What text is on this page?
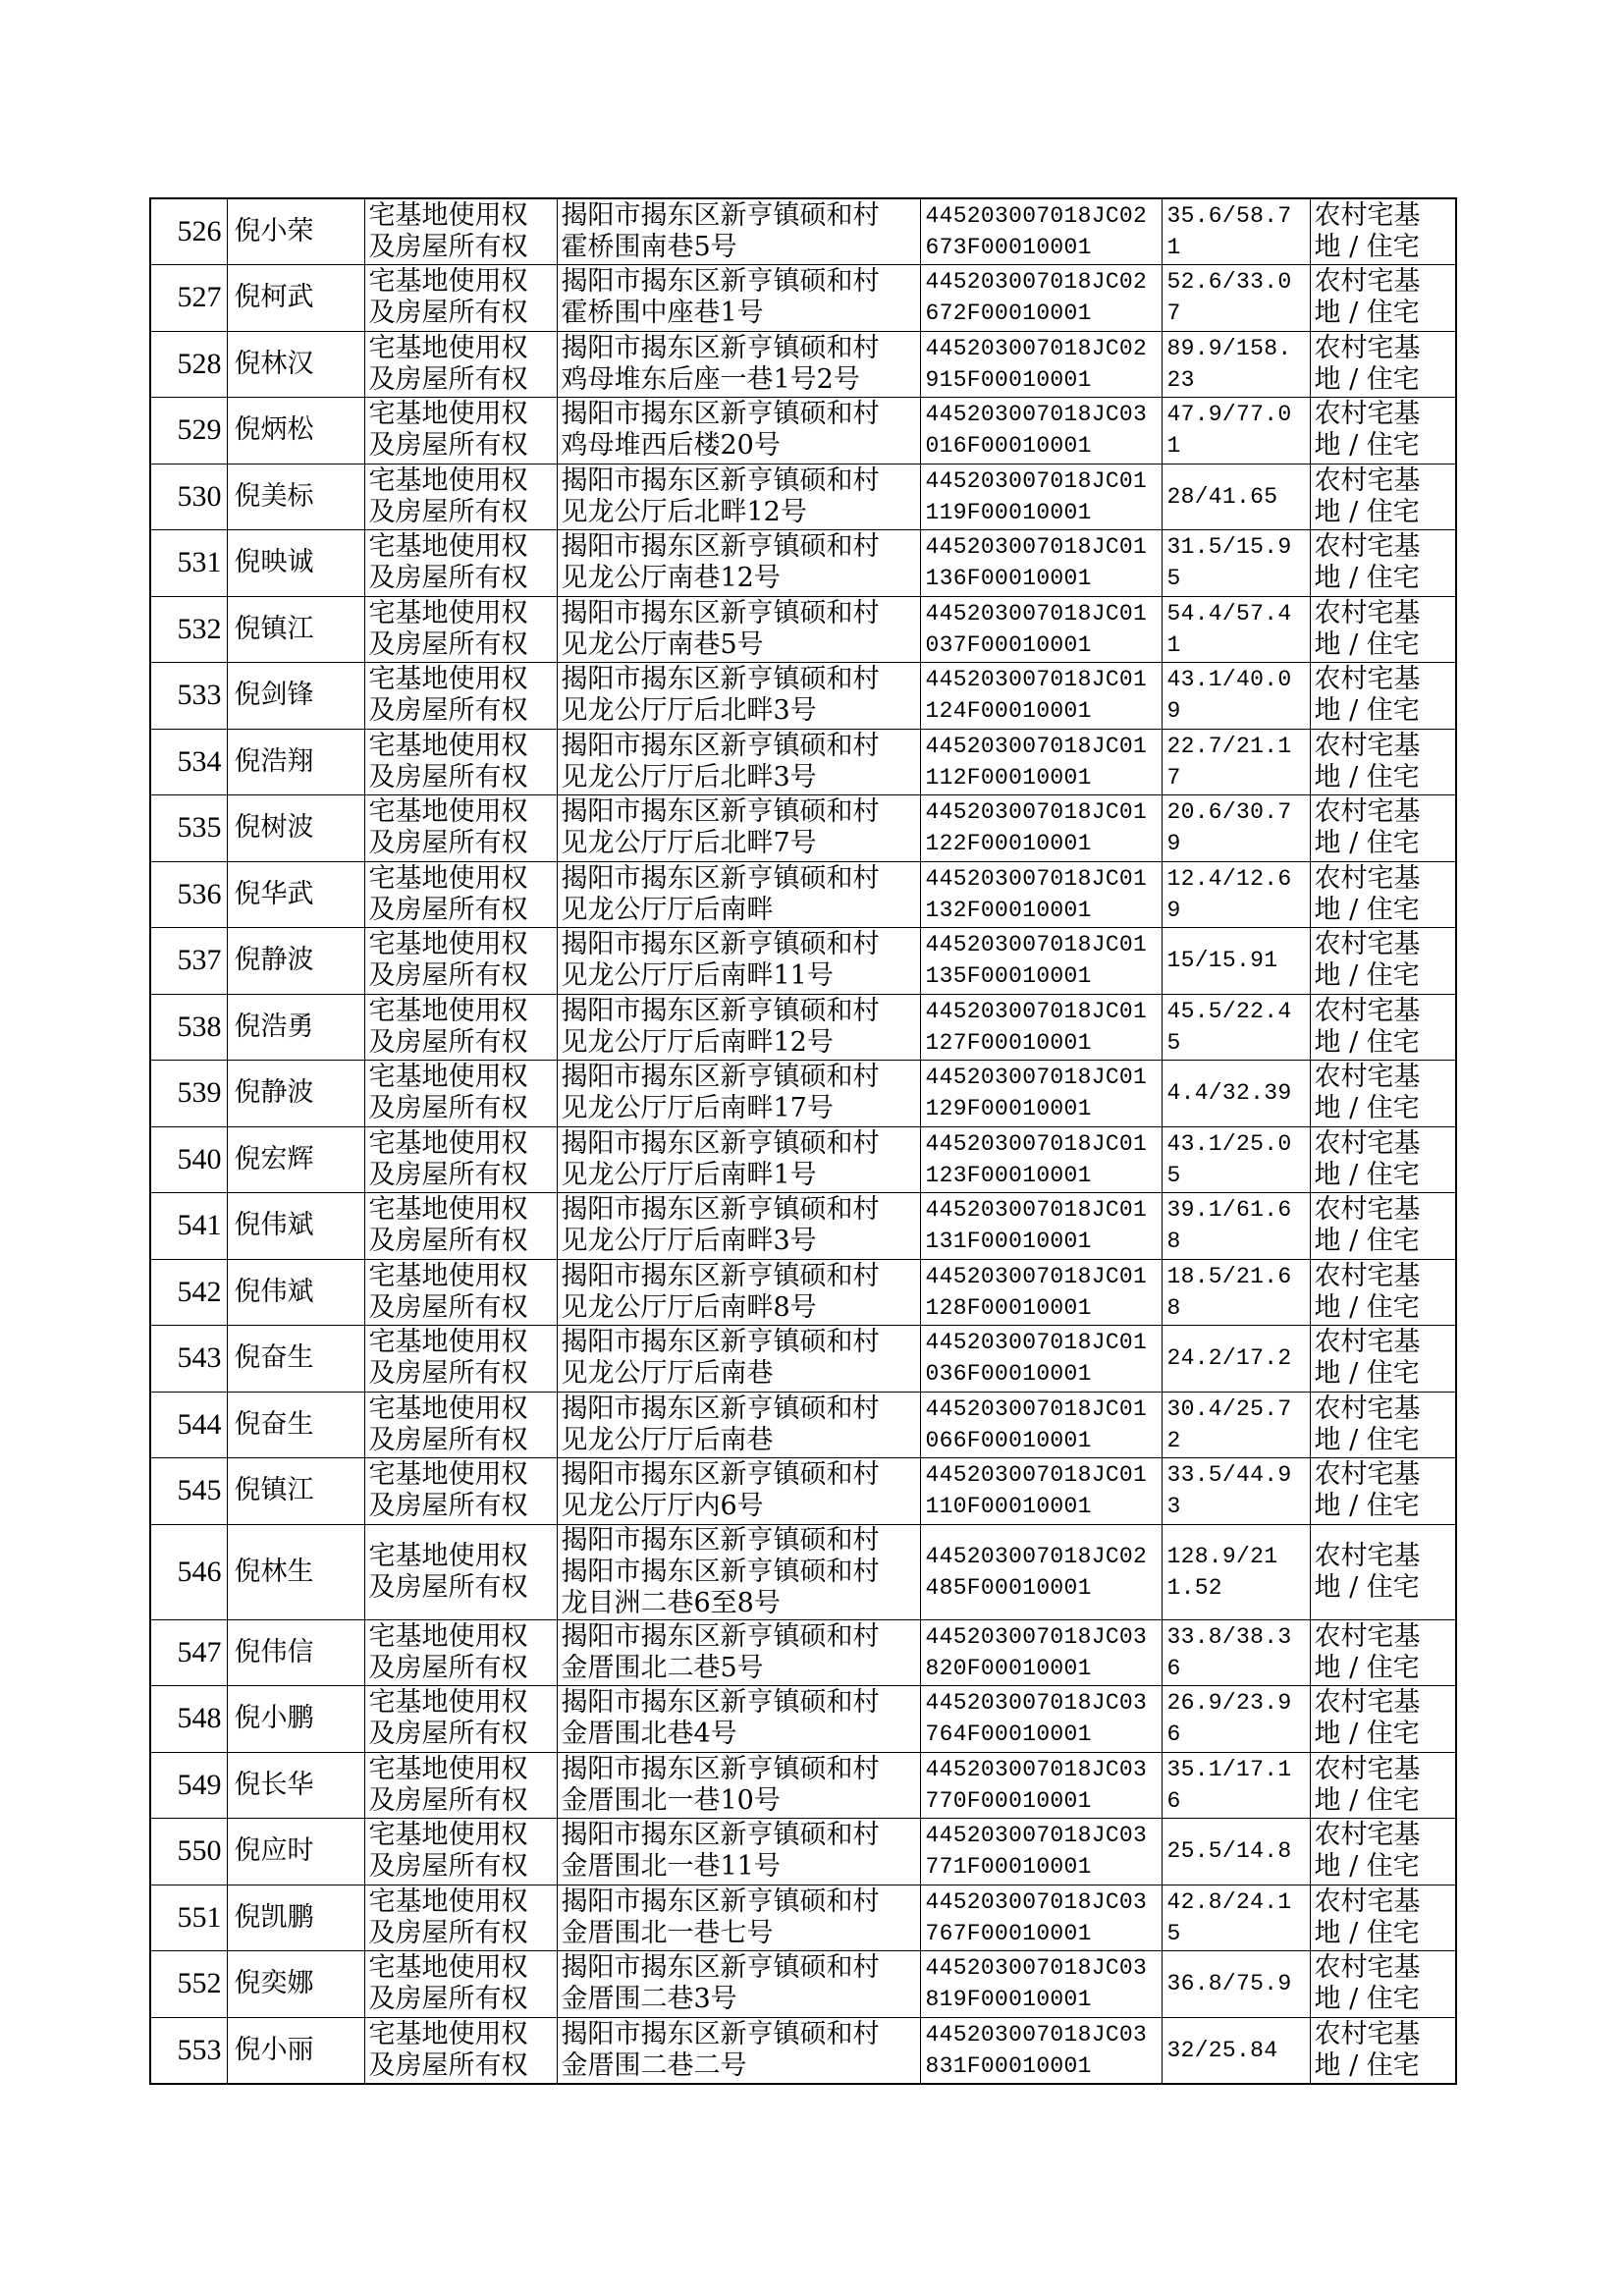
526	倪小荣	宅基地使用权及房屋所有权	揭阳市揭东区新亨镇硕和村霍桥围南巷5号	445203007018JC02673F00010001	35.6/58.71	农村宅基地 / 住宅
527	倪柯武	宅基地使用权及房屋所有权	揭阳市揭东区新亨镇硕和村霍桥围中座巷1号	445203007018JC02672F00010001	52.6/33.07	农村宅基地 / 住宅
528	倪林汉	宅基地使用权及房屋所有权	揭阳市揭东区新亨镇硕和村鸡母堆东后座一巷1号2号	445203007018JC02915F00010001	89.9/158.23	农村宅基地 / 住宅
529	倪炳松	宅基地使用权及房屋所有权	揭阳市揭东区新亨镇硕和村鸡母堆西后楼20号	445203007018JC03016F00010001	47.9/77.01	农村宅基地 / 住宅
530	倪美标	宅基地使用权及房屋所有权	揭阳市揭东区新亨镇硕和村见龙公厅后北畔12号	445203007018JC01119F00010001	28/41.65	农村宅基地 / 住宅
531	倪映诚	宅基地使用权及房屋所有权	揭阳市揭东区新亨镇硕和村见龙公厅南巷12号	445203007018JC01136F00010001	31.5/15.95	农村宅基地 / 住宅
532	倪镇江	宅基地使用权及房屋所有权	揭阳市揭东区新亨镇硕和村见龙公厅南巷5号	445203007018JC01037F00010001	54.4/57.41	农村宅基地 / 住宅
533	倪剑锋	宅基地使用权及房屋所有权	揭阳市揭东区新亨镇硕和村见龙公厅厅后北畔3号	445203007018JC01124F00010001	43.1/40.09	农村宅基地 / 住宅
534	倪浩翔	宅基地使用权及房屋所有权	揭阳市揭东区新亨镇硕和村见龙公厅厅后北畔3号	445203007018JC01112F00010001	22.7/21.17	农村宅基地 / 住宅
535	倪树波	宅基地使用权及房屋所有权	揭阳市揭东区新亨镇硕和村见龙公厅厅后北畔7号	445203007018JC01122F00010001	20.6/30.79	农村宅基地 / 住宅
536	倪华武	宅基地使用权及房屋所有权	揭阳市揭东区新亨镇硕和村见龙公厅厅后南畔	445203007018JC01132F00010001	12.4/12.69	农村宅基地 / 住宅
537	倪静波	宅基地使用权及房屋所有权	揭阳市揭东区新亨镇硕和村见龙公厅厅后南畔11号	445203007018JC01135F00010001	15/15.91	农村宅基地 / 住宅
538	倪浩勇	宅基地使用权及房屋所有权	揭阳市揭东区新亨镇硕和村见龙公厅厅后南畔12号	445203007018JC01127F00010001	45.5/22.45	农村宅基地 / 住宅
539	倪静波	宅基地使用权及房屋所有权	揭阳市揭东区新亨镇硕和村见龙公厅厅后南畔17号	445203007018JC01129F00010001	4.4/32.39	农村宅基地 / 住宅
540	倪宏辉	宅基地使用权及房屋所有权	揭阳市揭东区新亨镇硕和村见龙公厅厅后南畔1号	445203007018JC01123F00010001	43.1/25.05	农村宅基地 / 住宅
541	倪伟斌	宅基地使用权及房屋所有权	揭阳市揭东区新亨镇硕和村见龙公厅厅后南畔3号	445203007018JC01131F00010001	39.1/61.68	农村宅基地 / 住宅
542	倪伟斌	宅基地使用权及房屋所有权	揭阳市揭东区新亨镇硕和村见龙公厅厅后南畔8号	445203007018JC01128F00010001	18.5/21.68	农村宅基地 / 住宅
543	倪奋生	宅基地使用权及房屋所有权	揭阳市揭东区新亨镇硕和村见龙公厅厅后南巷	445203007018JC01036F00010001	24.2/17.2	农村宅基地 / 住宅
544	倪奋生	宅基地使用权及房屋所有权	揭阳市揭东区新亨镇硕和村见龙公厅厅后南巷	445203007018JC01066F00010001	30.4/25.72	农村宅基地 / 住宅
545	倪镇江	宅基地使用权及房屋所有权	揭阳市揭东区新亨镇硕和村见龙公厅厅内6号	445203007018JC01110F00010001	33.5/44.93	农村宅基地 / 住宅
546	倪林生	宅基地使用权及房屋所有权	揭阳市揭东区新亨镇硕和村揭阳市揭东区新亨镇硕和村龙目洲二巷6至8号	445203007018JC02485F00010001	128.9/211.52	农村宅基地 / 住宅
547	倪伟信	宅基地使用权及房屋所有权	揭阳市揭东区新亨镇硕和村金厝围北二巷5号	445203007018JC03820F00010001	33.8/38.36	农村宅基地 / 住宅
548	倪小鹏	宅基地使用权及房屋所有权	揭阳市揭东区新亨镇硕和村金厝围北巷4号	445203007018JC03764F00010001	26.9/23.96	农村宅基地 / 住宅
549	倪长华	宅基地使用权及房屋所有权	揭阳市揭东区新亨镇硕和村金厝围北一巷10号	445203007018JC03770F00010001	35.1/17.16	农村宅基地 / 住宅
550	倪应时	宅基地使用权及房屋所有权	揭阳市揭东区新亨镇硕和村金厝围北一巷11号	445203007018JC03771F00010001	25.5/14.8	农村宅基地 / 住宅
551	倪凯鹏	宅基地使用权及房屋所有权	揭阳市揭东区新亨镇硕和村金厝围北一巷七号	445203007018JC03767F00010001	42.8/24.15	农村宅基地 / 住宅
552	倪奕娜	宅基地使用权及房屋所有权	揭阳市揭东区新亨镇硕和村金厝围二巷3号	445203007018JC03819F00010001	36.8/75.9	农村宅基地 / 住宅
553	倪小丽	宅基地使用权及房屋所有权	揭阳市揭东区新亨镇硕和村金厝围二巷二号	445203007018JC03831F00010001	32/25.84	农村宅基地 / 住宅
